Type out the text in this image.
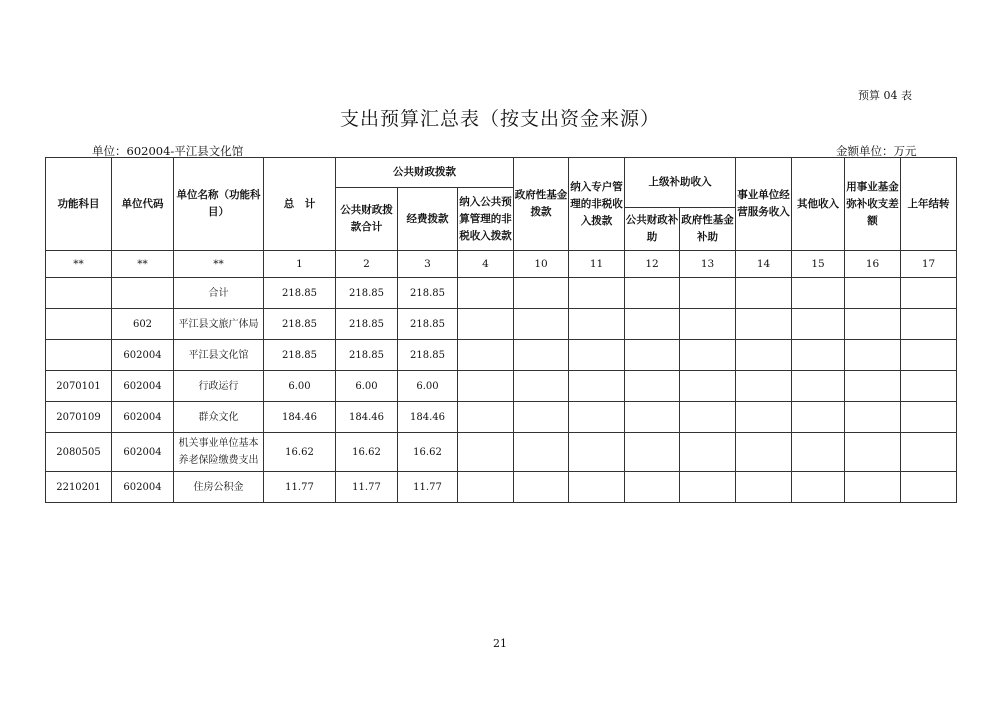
预算 04 表
支出预算汇总表（按支出资金来源）
单位：602004-平江县文化馆	金额单位：万元
功能科目	单位代码	单位名称（功能科目）	总　计	公共财政拨款			政府性基金拨款	纳入专户管理的非税收入拨款	上级补助收入		事业单位经营服务收入	其他收入	用事业基金弥补收支差额	上年结转
				公共财政拨款合计	经费拨款	纳入公共预算管理的非税收入拨款								
									公共财政补助	政府性基金补助				
**	**	**	1	2	3	4	10	11	12	13	14	15	16	17
		合计	218.85	218.85	218.85									
	602	平江县文旅广体局	218.85	218.85	218.85									
	602004	平江县文化馆	218.85	218.85	218.85									
2070101	602004	行政运行	6.00	6.00	6.00									
2070109	602004	群众文化	184.46	184.46	184.46									
2080505	602004	机关事业单位基本养老保险缴费支出	16.62	16.62	16.62									
2210201	602004	住房公积金	11.77	11.77	11.77									
21
